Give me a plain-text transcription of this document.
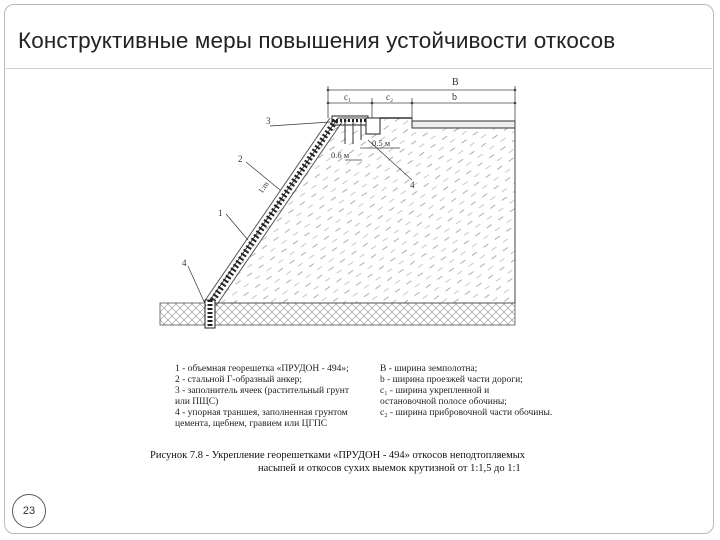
Конструктивные меры повышения устойчивости откосов
B
c₁	c₂	b
0.6 м
0.5 м
1:m
3
2
1
4
4
1 - объемная георешетка «ПРУДОН - 494»;
2 - стальной Г-образный анкер;
3 - заполнитель ячеек (растительный грунт
или ПЩС)
4 - упорная траншея, заполненная грунтом
цемента, щебнем, гравием или ЦГПС
B - ширина земполотна;
b - ширина проезжей части дороги;
c₁ - ширина укрепленной и
остановочной полосе обочины;
c₂ - ширина прибровочной части обочины.
Рисунок 7.8 - Укрепление георешетками «ПРУДОН - 494» откосов неподтопляемых
насыпей и откосов сухих выемок крутизной от 1:1,5 до 1:1
23
